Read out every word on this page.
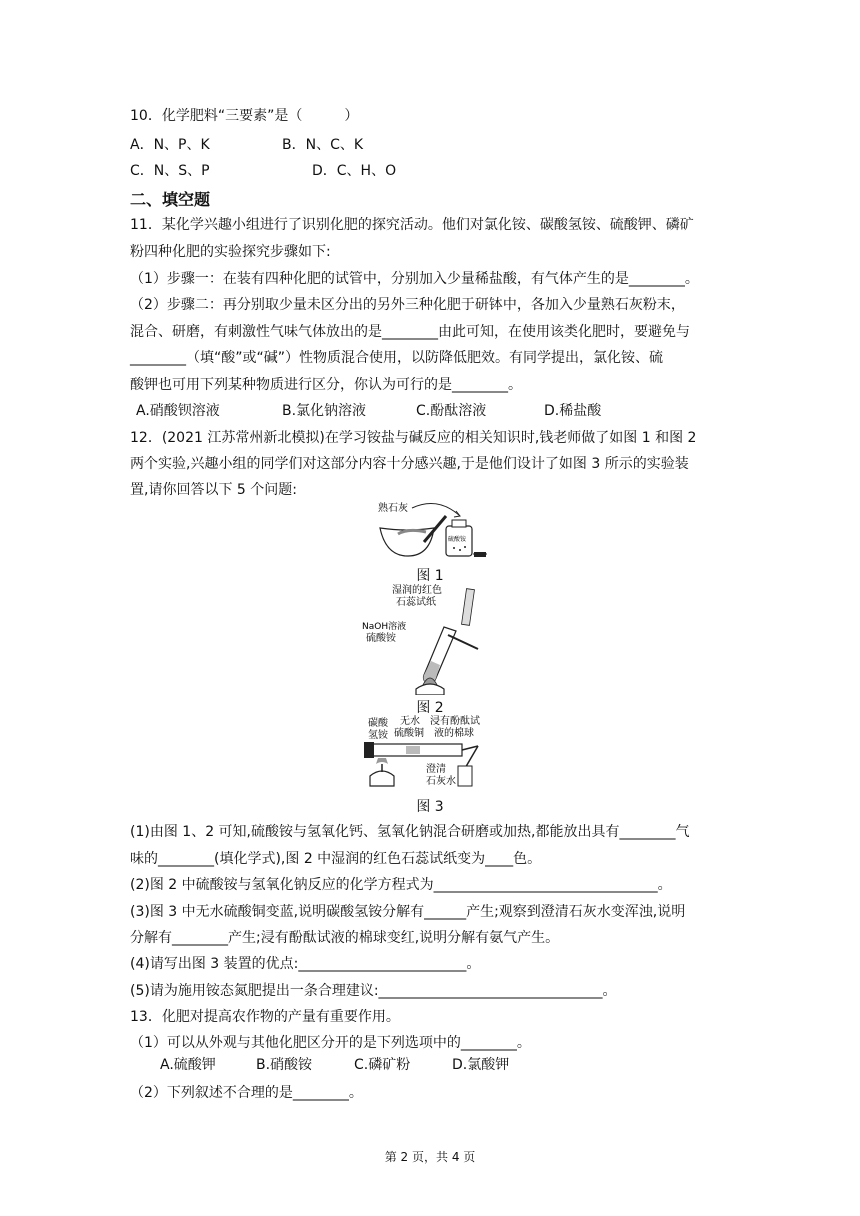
10．化学肥料“三要素”是（　　　）
A．N、P、K	B．N、C、K
C．N、S、P	D．C、H、O
二、填空题
11．某化学兴趣小组进行了识别化肥的探究活动。他们对氯化铵、碳酸氢铵、硫酸钾、磷矿
粉四种化肥的实验探究步骤如下:
（1）步骤一：在装有四种化肥的试管中，分别加入少量稀盐酸，有气体产生的是________。
（2）步骤二：再分别取少量未区分出的另外三种化肥于研钵中，各加入少量熟石灰粉末，
混合、研磨，有刺激性气味气体放出的是________由此可知，在使用该类化肥时，要避免与
________（填“酸”或“碱”）性物质混合使用，以防降低肥效。有同学提出，氯化铵、硫
酸钾也可用下列某种物质进行区分，你认为可行的是________。
A.硝酸钡溶液	B.氯化钠溶液	C.酚酞溶液	D.稀盐酸
12．(2021 江苏常州新北模拟)在学习铵盐与碱反应的相关知识时,钱老师做了如图 1 和图 2
两个实验,兴趣小组的同学们对这部分内容十分感兴趣,于是他们设计了如图 3 所示的实验装
置,请你回答以下 5 个问题:
熟石灰
硫酸铵
图 1
湿润的红色
石蕊试纸
NaOH溶液
硫酸铵
图 2
碳酸
氢铵
无水
硫酸铜
浸有酚酞试
液的棉球
澄清
石灰水
图 3
(1)由图 1、2 可知,硫酸铵与氢氧化钙、氢氧化钠混合研磨或加热,都能放出具有________气
味的________(填化学式),图 2 中湿润的红色石蕊试纸变为____色。
(2)图 2 中硫酸铵与氢氧化钠反应的化学方程式为________________________________。
(3)图 3 中无水硫酸铜变蓝,说明碳酸氢铵分解有______产生;观察到澄清石灰水变浑浊,说明
分解有________产生;浸有酚酞试液的棉球变红,说明分解有氨气产生。
(4)请写出图 3 装置的优点:________________________。
(5)请为施用铵态氮肥提出一条合理建议:________________________________。
13．化肥对提高农作物的产量有重要作用。
（1）可以从外观与其他化肥区分开的是下列选项中的________。
A.硫酸钾	B.硝酸铵	C.磷矿粉	D.氯酸钾
（2）下列叙述不合理的是________。
第 2 页，共 4 页
